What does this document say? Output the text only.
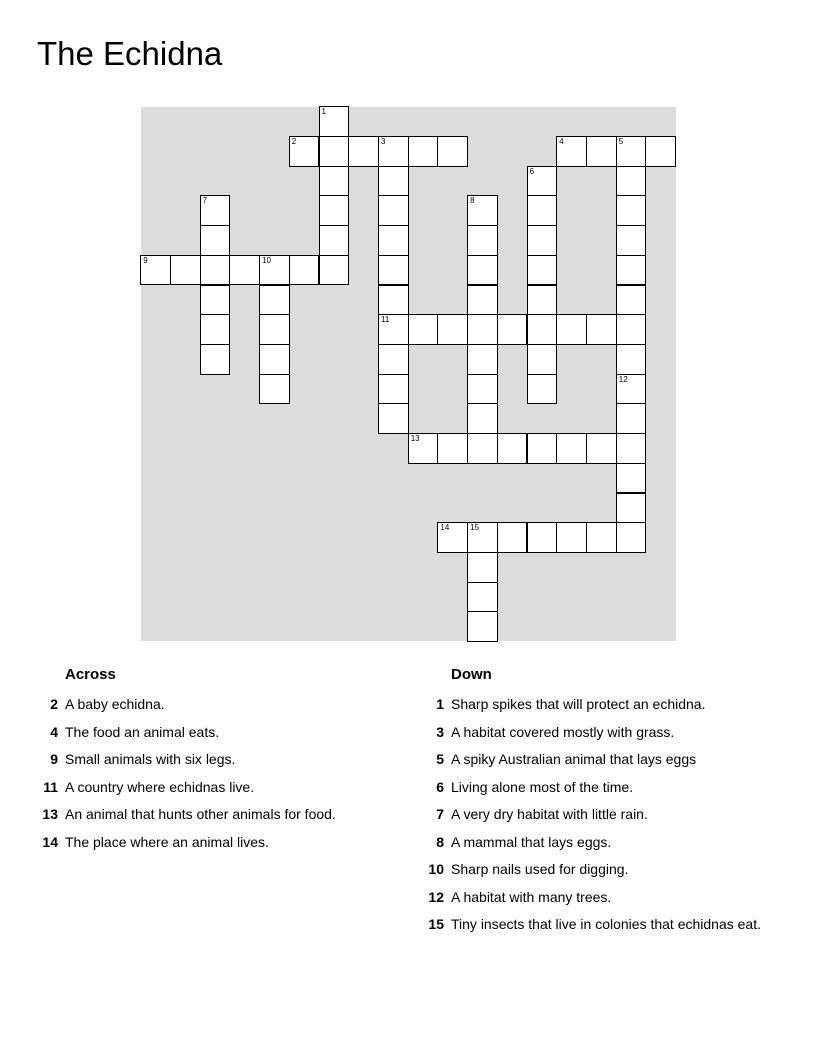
The Echidna
1
2	3	4	5
11
6
7	8
9	10
12
13
14	15
Across
2 A baby echidna.
4 The food an animal eats.
9 Small animals with six legs.
11 A country where echidnas live.
13 An animal that hunts other animals for food.
14 The place where an animal lives.
Down
1 Sharp spikes that will protect an echidna.
3 A habitat covered mostly with grass.
5 A spiky Australian animal that lays eggs
6 Living alone most of the time.
7 A very dry habitat with little rain.
8 A mammal that lays eggs.
10 Sharp nails used for digging.
12 A habitat with many trees.
15 Tiny insects that live in colonies that echidnas eat.
